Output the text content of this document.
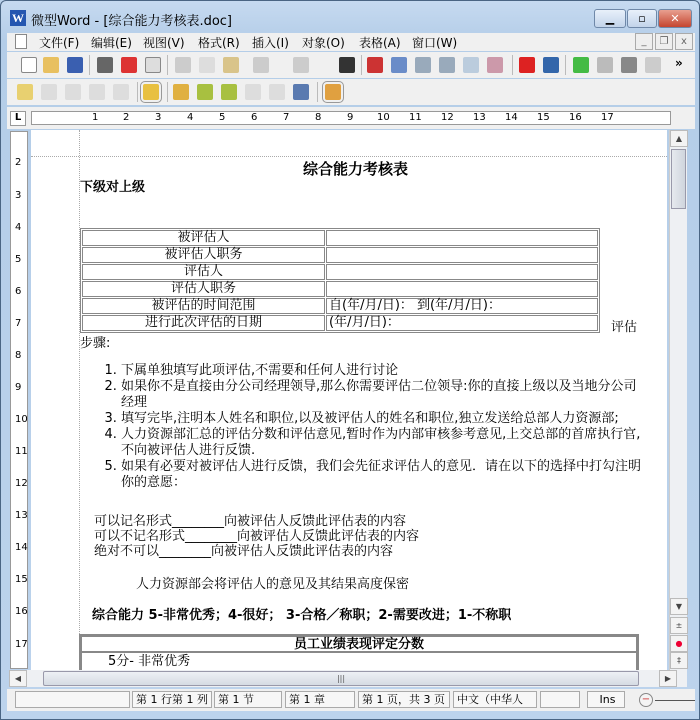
W 微型Word - [综合能力考核表.doc]	▁	▫	✕
文件(F) 编辑(E) 视图(V) 格式(R) 插入(I) 对象(O) 表格(A) 窗口(W)	_	❐	x
»
L	1 2	3	4	5	6	7	8	9 10 11 12 13 14 15 16 17
2
3
4
5
6
7
8
9
10
11
12
13
14
15
16
17
综合能力考核表
下级对上级
被评估人	
被评估人职务	
评估人	
评估人职务	
被评估的时间范围	自(年/月/日)： 到(年/月/日)：
进行此次评估的日期	(年/月/日)：	评估
步骤:
1. 下属单独填写此项评估,不需要和任何人进行讨论
2. 如果你不是直接由分公司经理领导,那么你需要评估二位领导:你的直接上级以及当地分公司经理
3. 填写完毕,注明本人姓名和职位,以及被评估人的姓名和职位,独立发送给总部人力资源部;
4. 人力资源部汇总的评估分数和评估意见,暂时作为内部审核参考意见,上交总部的首席执行官,不向被评估人进行反馈.
5. 如果有必要对被评估人进行反馈，我们会先征求评估人的意见．请在以下的选择中打勾注明你的意愿：
可以记名形式________向被评估人反馈此评估表的内容
可以不记名形式________向被评估人反馈此评估表的内容
绝对不可以________向被评估人反馈此评估表的内容
人力资源部会将评估人的意见及其结果高度保密
综合能力 5-非常优秀；4-很好； 3-合格／称职；2-需要改进；1-不称职
员工业绩表现评定分数
5分- 非常优秀
▲
▼
±
●
‡
◀	|||	▶
第 1 行第 1 列 第 1 节	第 1 章	第 1 页，共 3 页	中文（中华人	Ins	−
